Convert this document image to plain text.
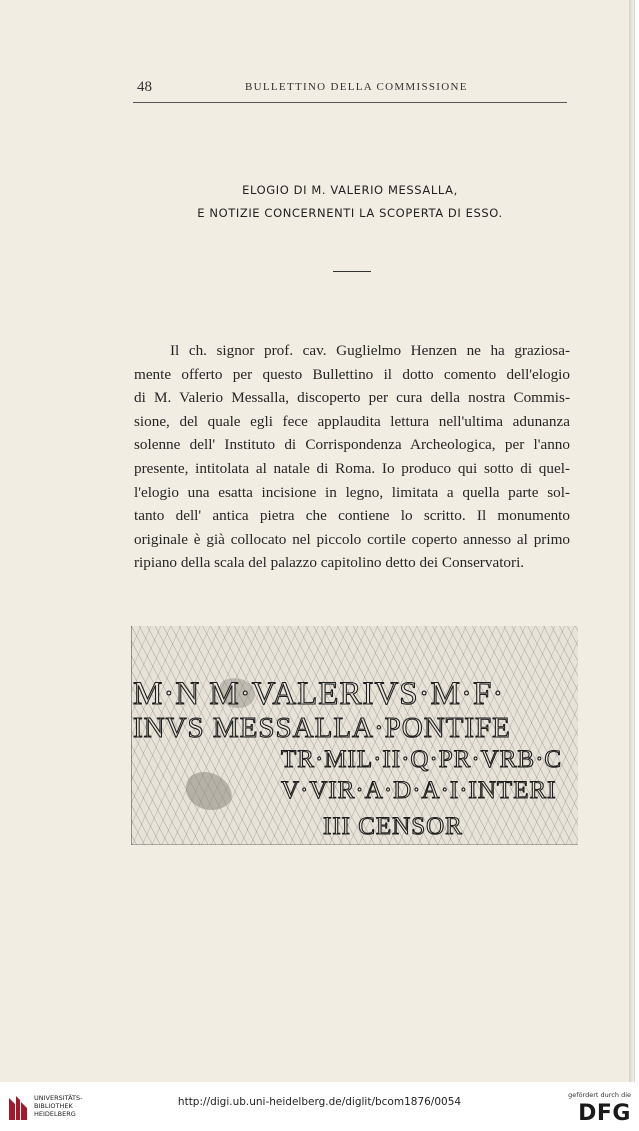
48	BULLETTINO DELLA COMMISSIONE
ELOGIO DI M. VALERIO MESSALLA,
E NOTIZIE CONCERNENTI LA SCOPERTA DI ESSO.

Il ch. signor prof. cav. Guglielmo Henzen ne ha graziosa-
mente offerto per questo Bullettino il dotto comento dell'elogio
di M. Valerio Messalla, discoperto per cura della nostra Commis-
sione, del quale egli fece applaudita lettura nell'ultima adunanza
solenne dell' Instituto di Corrispondenza Archeologica, per l'anno
presente, intitolata al natale di Roma. Io produco qui sotto di quel-
l'elogio una esatta incisione in legno, limitata a quella parte sol-
tanto dell' antica pietra che contiene lo scritto. Il monumento
originale è già collocato nel piccolo cortile coperto annesso al primo
ripiano della scala del palazzo capitolino detto dei Conservatori.

M·N M·VALERIVS·M·F·
INVS MESSALLA·PONTIFE
TR·MIL·II·Q·PR·VRB·C
V·VIR·A·D·A·I·INTERI
III CENSOR
UNIVERSITÄTS-
BIBLIOTHEK
HEIDELBERG
http://digi.ub.uni-heidelberg.de/diglit/bcom1876/0054
gefördert durch die
DFG
